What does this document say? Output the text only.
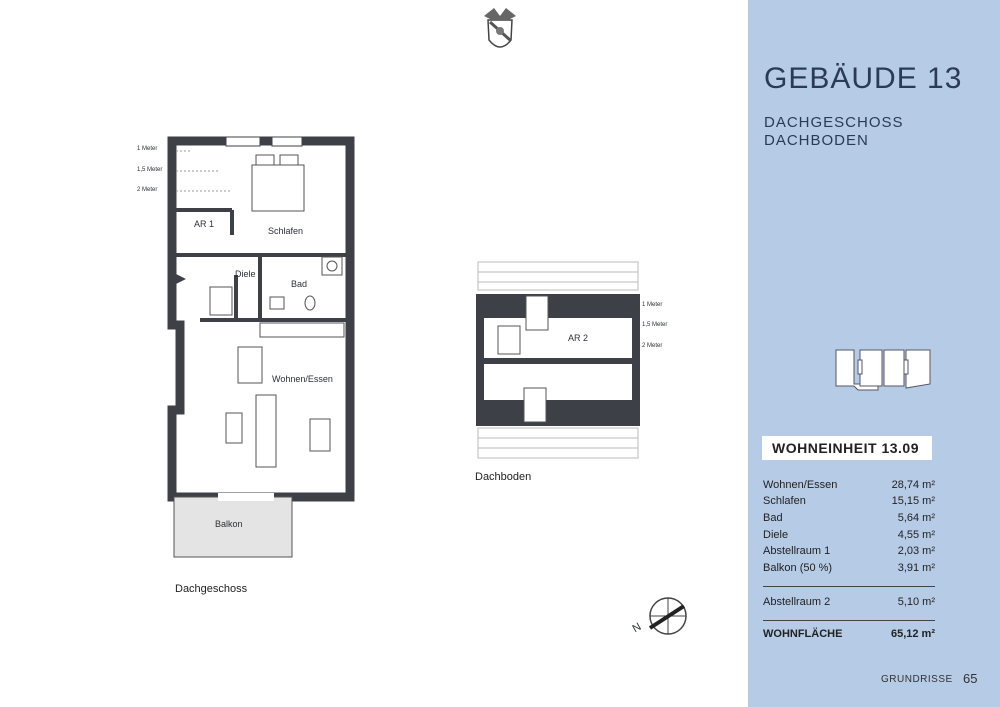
1 Meter
1,5 Meter
2 Meter
AR 1
Schlafen
Diele
Bad
Wohnen/Essen
Balkon
Dachgeschoss
AR 2
1 Meter
1,5 Meter
2 Meter
Dachboden
N
GEBÄUDE 13
DACHGESCHOSS
DACHBODEN
WOHNEINHEIT 13.09
Wohnen/Essen	28,74 m²
Schlafen	15,15 m²
Bad	5,64 m²
Diele	4,55 m²
Abstellraum 1	2,03 m²
Balkon (50 %)	3,91 m²
Abstellraum 2	5,10 m²
WOHNFLÄCHE	65,12 m²
GRUNDRISSE 65
